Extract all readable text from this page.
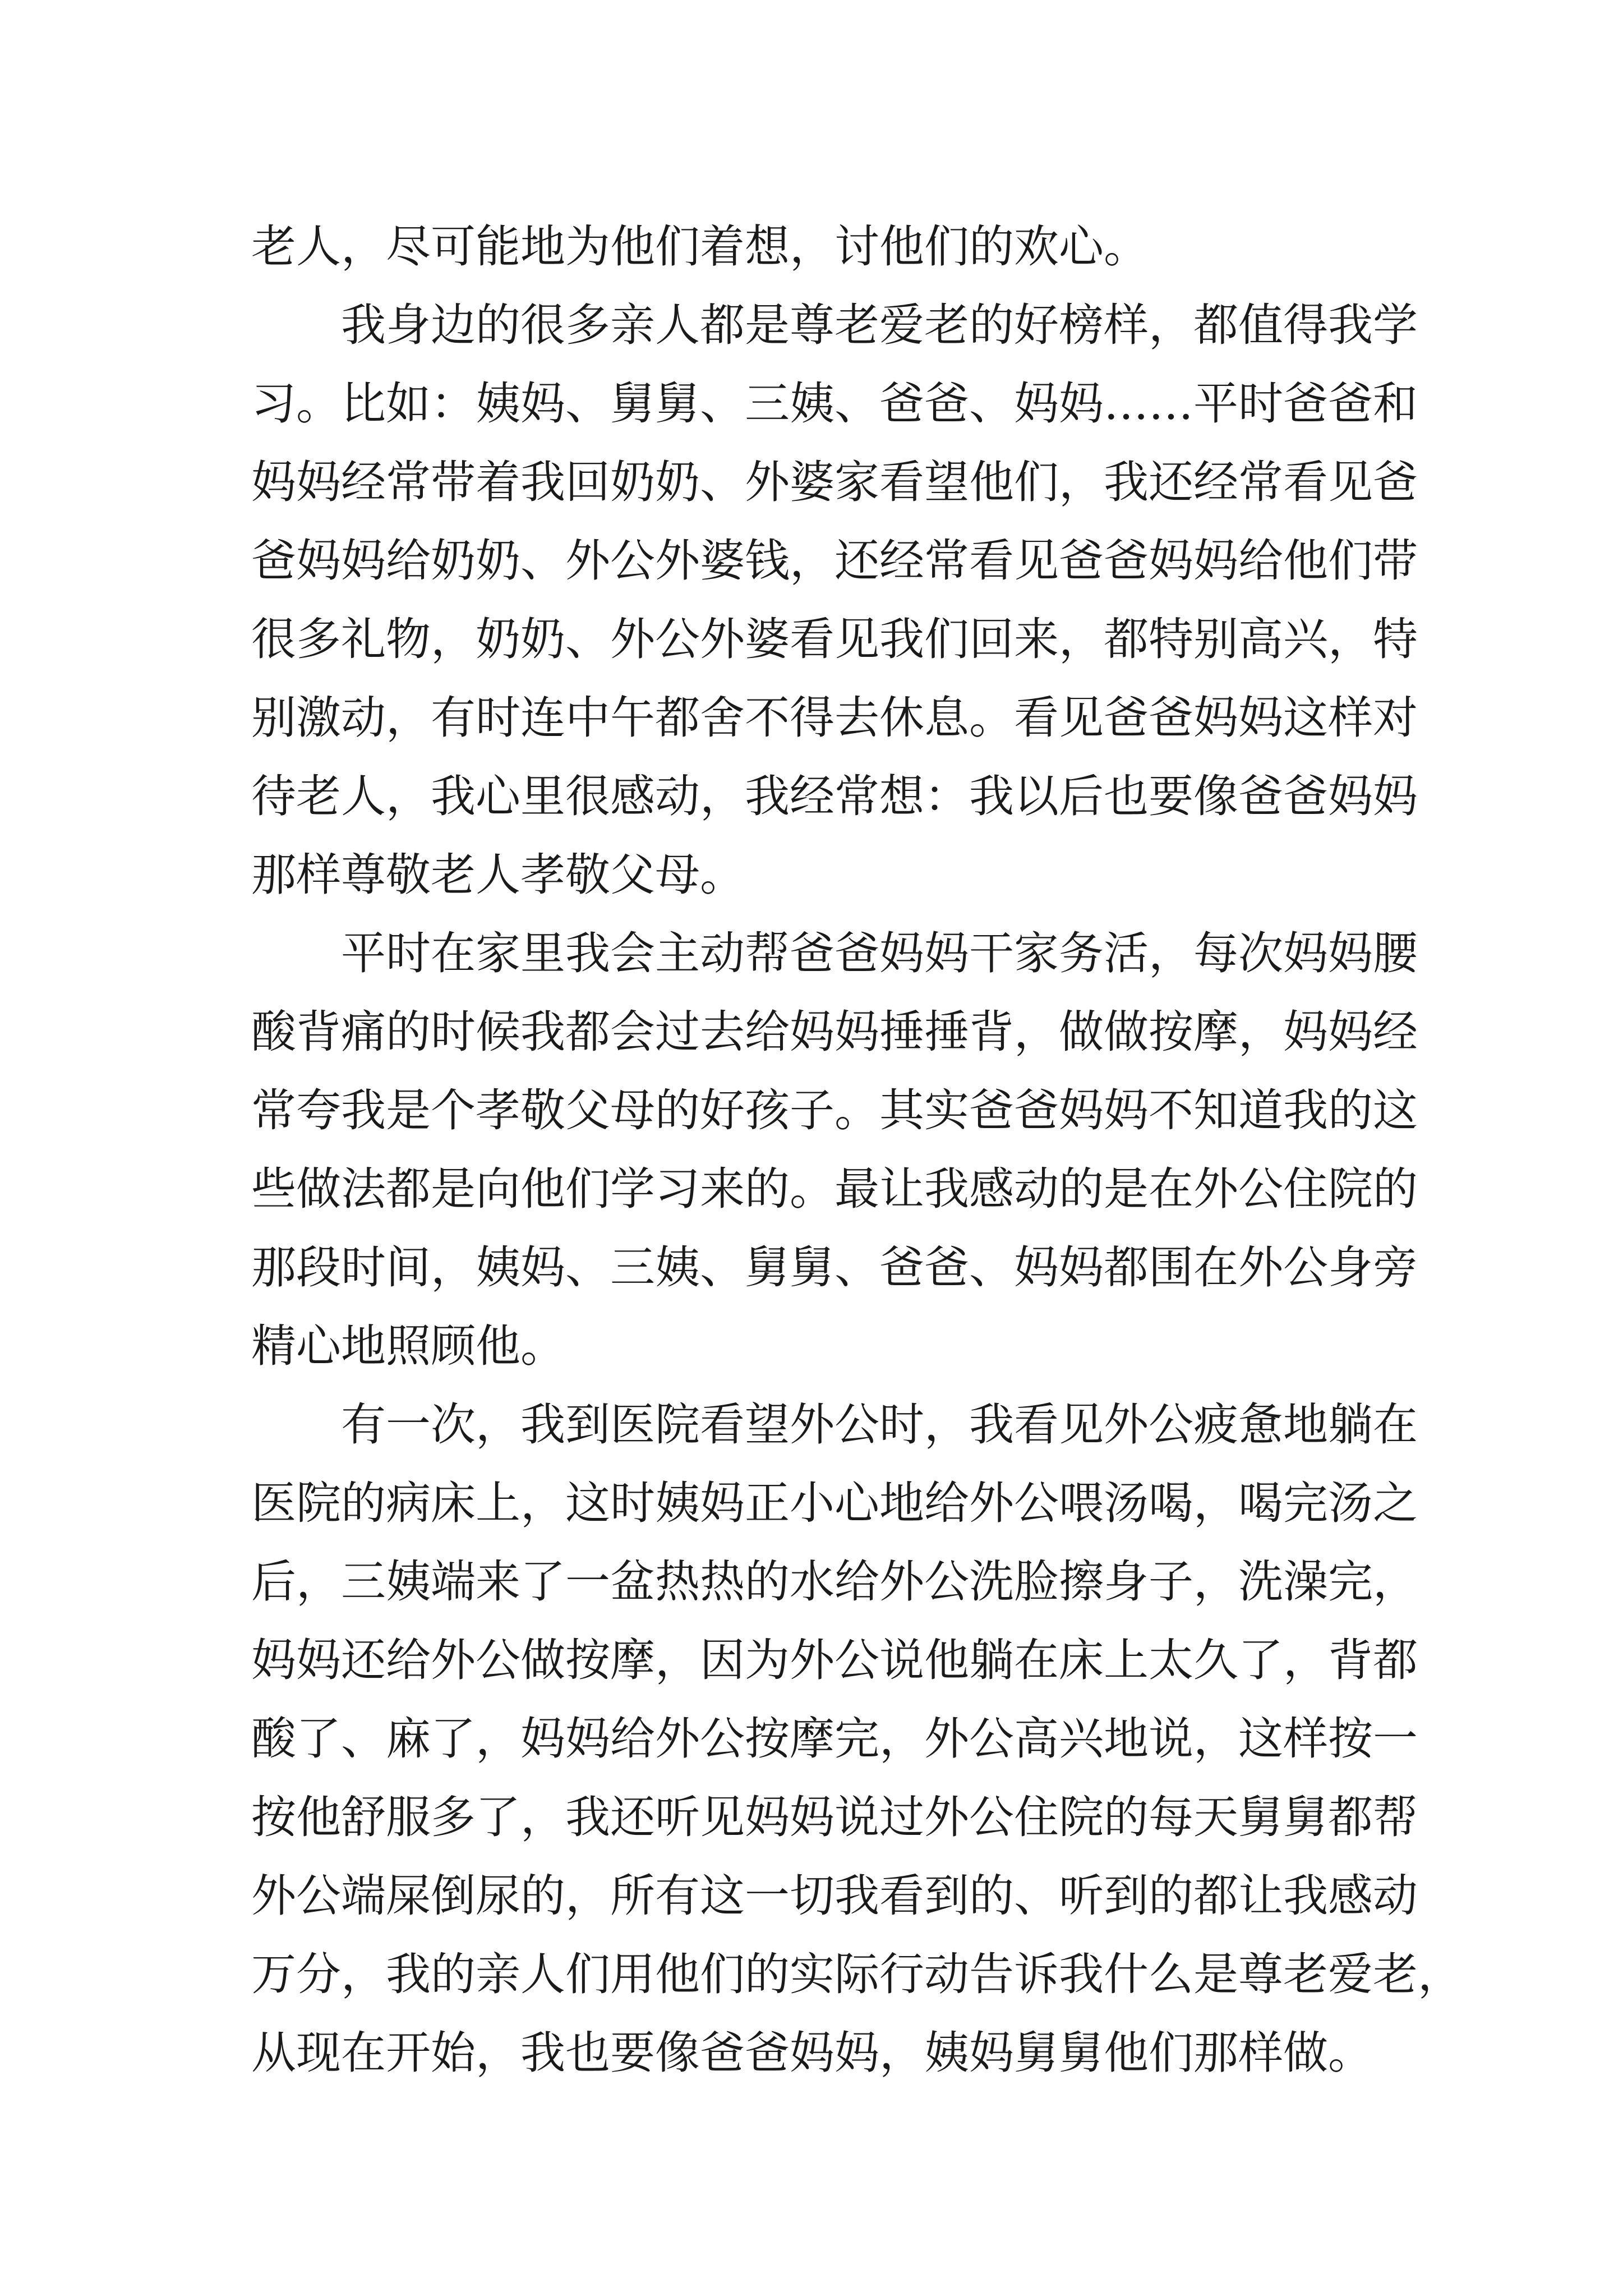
老人，尽可能地为他们着想，讨他们的欢心。
我身边的很多亲人都是尊老爱老的好榜样，都值得我学
习。比如：姨妈、舅舅、三姨、爸爸、妈妈……平时爸爸和
妈妈经常带着我回奶奶、外婆家看望他们，我还经常看见爸
爸妈妈给奶奶、外公外婆钱，还经常看见爸爸妈妈给他们带
很多礼物，奶奶、外公外婆看见我们回来，都特别高兴，特
别激动，有时连中午都舍不得去休息。看见爸爸妈妈这样对
待老人，我心里很感动，我经常想：我以后也要像爸爸妈妈
那样尊敬老人孝敬父母。
平时在家里我会主动帮爸爸妈妈干家务活，每次妈妈腰
酸背痛的时候我都会过去给妈妈捶捶背，做做按摩，妈妈经
常夸我是个孝敬父母的好孩子。其实爸爸妈妈不知道我的这
些做法都是向他们学习来的。最让我感动的是在外公住院的
那段时间，姨妈、三姨、舅舅、爸爸、妈妈都围在外公身旁
精心地照顾他。
有一次，我到医院看望外公时，我看见外公疲惫地躺在
医院的病床上，这时姨妈正小心地给外公喂汤喝，喝完汤之
后，三姨端来了一盆热热的水给外公洗脸擦身子，洗澡完，
妈妈还给外公做按摩，因为外公说他躺在床上太久了，背都
酸了、麻了，妈妈给外公按摩完，外公高兴地说，这样按一
按他舒服多了，我还听见妈妈说过外公住院的每天舅舅都帮
外公端屎倒尿的，所有这一切我看到的、听到的都让我感动
万分，我的亲人们用他们的实际行动告诉我什么是尊老爱老，
从现在开始，我也要像爸爸妈妈，姨妈舅舅他们那样做。
